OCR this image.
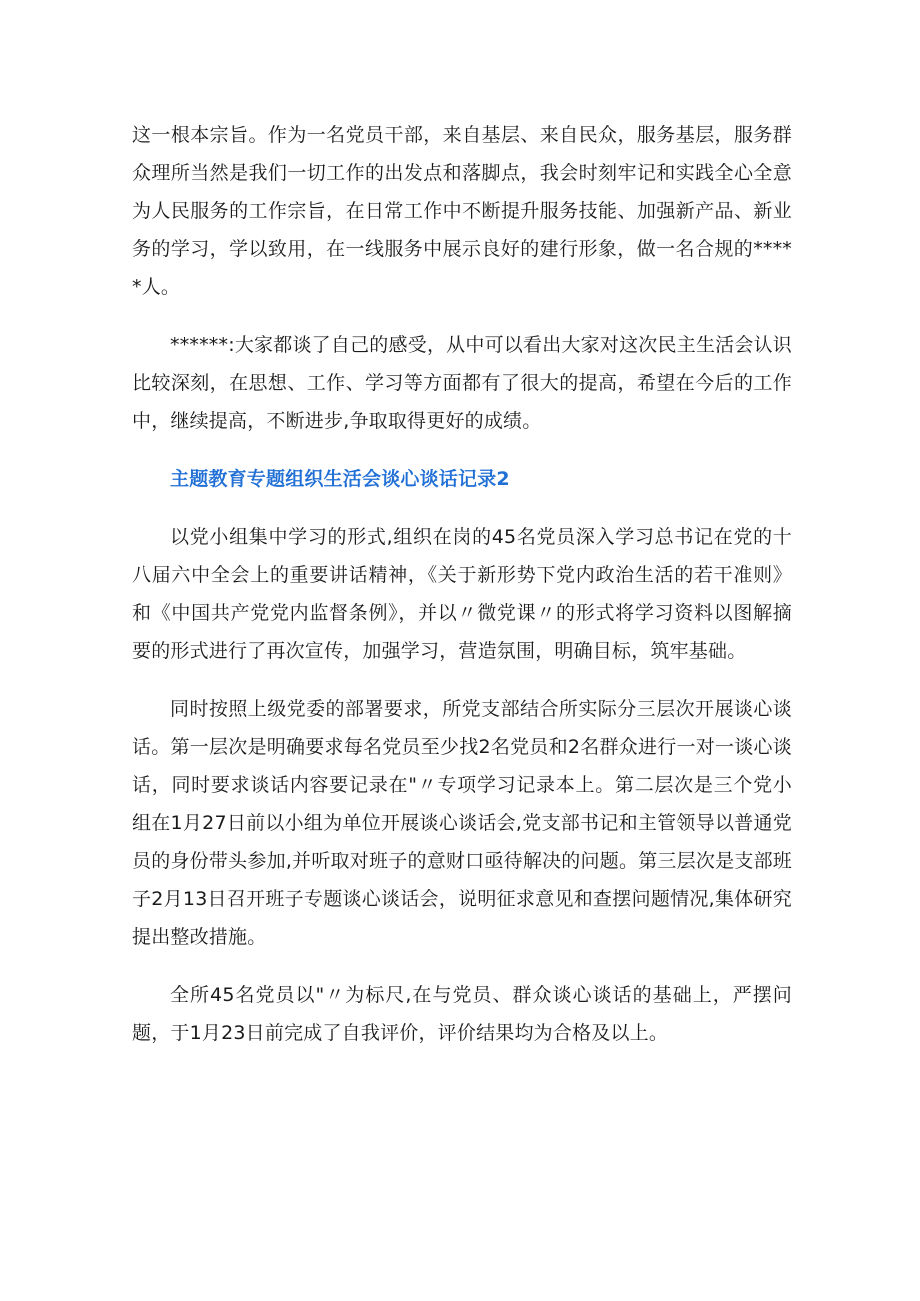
这一根本宗旨。作为一名党员干部，来自基层、来自民众，服务基层，服务群众理所当然是我们一切工作的出发点和落脚点，我会时刻牢记和实践全心全意为人民服务的工作宗旨，在日常工作中不断提升服务技能、加强新产品、新业务的学习，学以致用，在一线服务中展示良好的建行形象，做一名合规的*****人。

******:大家都谈了自己的感受，从中可以看出大家对这次民主生活会认识比较深刻，在思想、工作、学习等方面都有了很大的提高，希望在今后的工作中，继续提高，不断进步,争取取得更好的成绩。

主题教育专题组织生活会谈心谈话记录2

以党小组集中学习的形式,组织在岗的45名党员深入学习总书记在党的十八届六中全会上的重要讲话精神，《关于新形势下党内政治生活的若干准则》和《中国共产党党内监督条例》，并以〃微党课〃的形式将学习资料以图解摘要的形式进行了再次宣传，加强学习，营造氛围，明确目标，筑牢基础。

同时按照上级党委的部署要求，所党支部结合所实际分三层次开展谈心谈话。第一层次是明确要求每名党员至少找2名党员和2名群众进行一对一谈心谈话，同时要求谈话内容要记录在"〃专项学习记录本上。第二层次是三个党小组在1月27日前以小组为单位开展谈心谈话会,党支部书记和主管领导以普通党员的身份带头参加,并听取对班子的意财口亟待解决的问题。第三层次是支部班子2月13日召开班子专题谈心谈话会，说明征求意见和查摆问题情况,集体研究提出整改措施。

全所45名党员以"〃为标尺,在与党员、群众谈心谈话的基础上，严摆问题，于1月23日前完成了自我评价，评价结果均为合格及以上。
